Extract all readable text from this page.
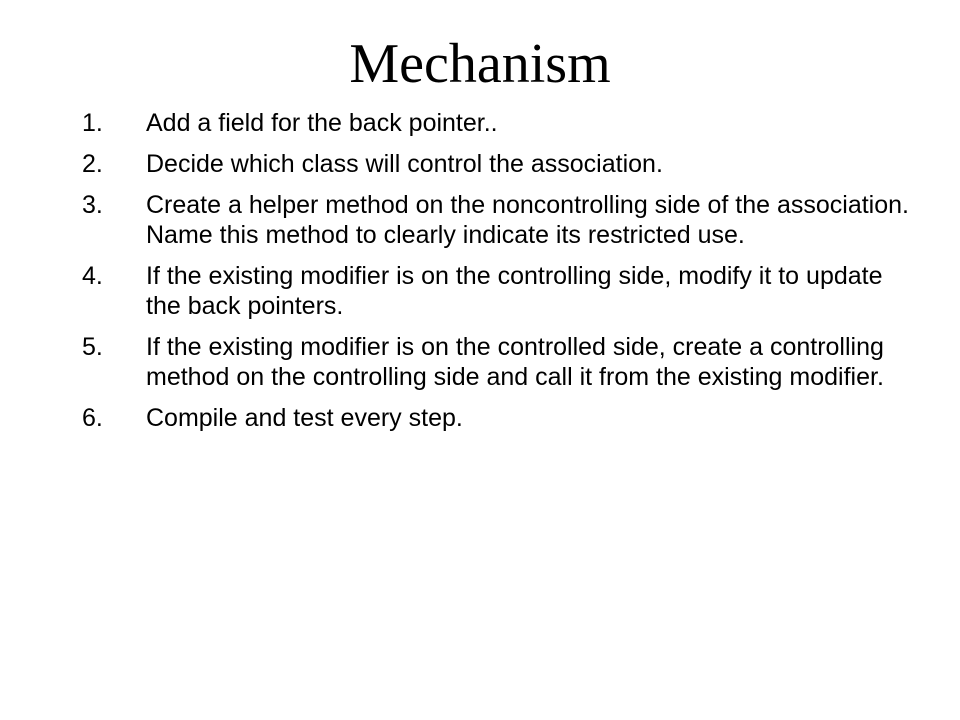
Mechanism
1.	Add a field for the back pointer..
2.	Decide which class will control the association.
3.	Create a helper method on the noncontrolling side of the association. Name this method to clearly indicate its restricted use.
4.	If the existing modifier is on the controlling side, modify it to update the back pointers.
5.	If the existing modifier is on the controlled side, create a controlling method on the controlling side and call it from the existing modifier.
6.	Compile and test every step.
